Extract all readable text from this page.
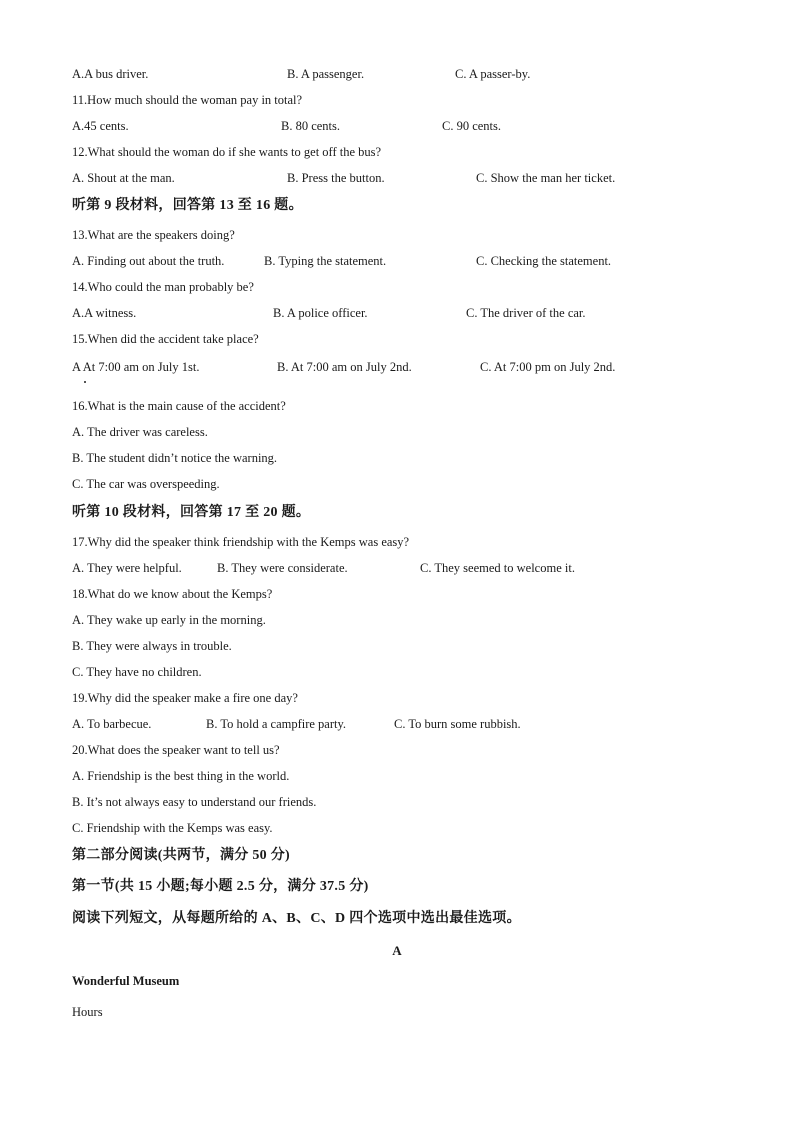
A.A bus driver.	B. A passenger.	C. A passer-by.
11.How much should the woman pay in total?
A.45 cents.	B. 80 cents.	C. 90 cents.
12.What should the woman do if she wants to get off the bus?
A. Shout at the man.	B. Press the button.	C. Show the man her ticket.
听第 9 段材料，回答第 13 至 16 题。
13.What are the speakers doing?
A. Finding out about the truth.	B. Typing the statement.	C. Checking the statement.
14.Who could the man probably be?
A.A witness.	B. A police officer.	C. The driver of the car.
15.When did the accident take place?
A At 7:00 am on July 1st.	B. At 7:00 am on July 2nd.	C. At 7:00 pm on July 2nd.
16.What is the main cause of the accident?
A. The driver was careless.
B. The student didn’t notice the warning.
C. The car was overspeeding.
听第 10 段材料，回答第 17 至 20 题。
17.Why did the speaker think friendship with the Kemps was easy?
A. They were helpful.	B. They were considerate.	C. They seemed to welcome it.
18.What do we know about the Kemps?
A. They wake up early in the morning.
B. They were always in trouble.
C. They have no children.
19.Why did the speaker make a fire one day?
A. To barbecue.	B. To hold a campfire party.	C. To burn some rubbish.
20.What does the speaker want to tell us?
A. Friendship is the best thing in the world.
B. It’s not always easy to understand our friends.
C. Friendship with the Kemps was easy.
第二部分阅读(共两节，满分 50 分)
第一节(共 15 小题;每小题 2.5 分，满分 37.5 分)
阅读下列短文，从每题所给的 A、B、C、D 四个选项中选出最佳选项。
A
Wonderful Museum
Hours
